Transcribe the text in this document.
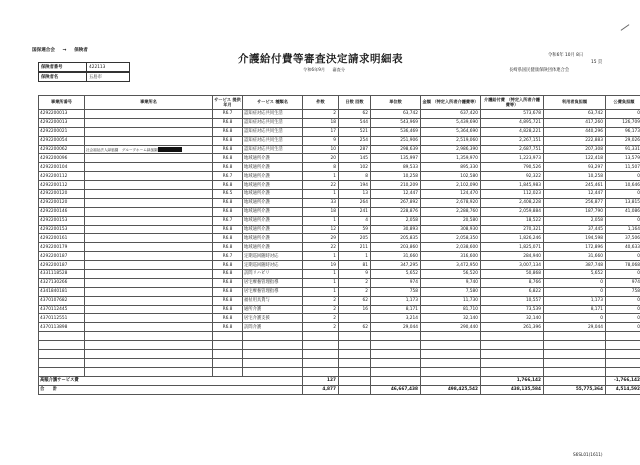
国保連合会 → 保険者
介護給付費等審査決定請求明細表
令和6年9月 審査分
令和6年 10月 8日
15 頁
長崎県国民健康保険団体連合会
保険者番号	422113
保険者名	五島市
事業所番号	事業所名	サービス 提供年月	サービス 種類名	件数	日数 回数	単位数	金額 （特定入所者介護費等）	介護給付費 （特定入所者介護費等）	利用者負担額	公費負担額
4292200013		R6.7	認知症対応共同生活	2	62	63,742	637,420	573,678	63,742	0
4292200013		R6.8	認知症対応共同生活	18	544	543,969	5,439,690	4,895,721	417,260	126,709
4292200021		R6.8	認知症対応共同生活	17	521	536,469	5,364,690	4,828,221	440,296	96,173
4292200054		R6.8	認知症対応共同生活	9	254	251,906	2,519,060	2,267,151	222,883	29,026
4292200062	社会福祉法人緑風園　グループホーム緑風園	R6.8	認知症対応共同生活	10	287	298,639	2,986,390	2,687,751	207,308	91,331
4292200096		R6.8	地域通所介護	20	145	135,997	1,359,970	1,223,973	122,418	13,579
4292200104		R6.8	地域通所介護	8	102	89,533	895,330	790,526	93,297	11,507
4292200112		R6.7	地域通所介護	1	8	10,258	102,580	92,322	10,258	0
4292200112		R6.8	地域通所介護	22	194	210,209	2,102,090	1,845,983	245,461	10,646
4292200120		R6.5	地域通所介護	1	13	12,447	124,470	112,023	12,447	0
4292200120		R6.8	地域通所介護	33	264	267,892	2,678,920	2,408,228	256,877	13,815
4292200146		R6.8	地域通所介護	18	241	228,876	2,288,760	2,059,884	187,790	41,086
4292200153		R6.7	地域通所介護	1	4	2,058	20,580	18,522	2,058	0
4292200153		R6.8	地域通所介護	12	59	30,893	308,930	270,321	37,445	1,164
4292200161		R6.8	地域通所介護	29	205	205,835	2,058,350	1,826,246	194,598	37,506
4292200179		R6.8	地域通所介護	22	211	203,860	2,038,600	1,825,071	172,896	40,633
4292200187		R6.7	定期巡回随時対応	1	1	31,660	316,600	284,940	31,660	0
4292200187		R6.8	定期巡回随時対応	19	81	347,295	3,472,950	3,007,134	387,748	78,068
4331118528		R6.8	訪問リハビリ	1	9	5,652	56,520	50,868	5,652	0
4327130266		R6.8	居宅療養管理指導	1	2	974	9,740	8,766	0	974
4341840181		R6.8	居宅療養管理指導	1	2	758	7,580	6,822	0	758
4370107682		R6.8	福祉用具貸与	2	62	1,173	11,730	10,557	1,173	0
4370112445		R6.8	通所介護	2	16	8,171	81,710	73,539	8,171	0
4370112551		R6.8	居宅介護支援	2		3,214	32,140	32,140	0	0
4370113898		R6.8	訪問介護	2	62	29,044	290,440	261,396	29,044	0

高額介護サービス費				127				1,766,142		-1,766,142
合　　計				4,877		46,667,438	498,425,542	438,135,584	55,775,364	4,514,592
S6SL01(1611)
